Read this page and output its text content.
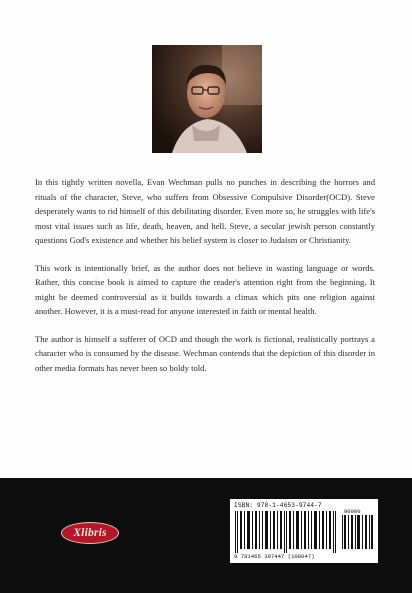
In this tightly written novella, Evan Wechman pulls no punches in describing the horrors and rituals of the character, Steve, who suffers from Obsessive Compulsive Disorder(OCD). Steve desperately wants to rid himself of this debilitating disorder. Even more so, he struggles with life's most vital issues such as life, death, heaven, and hell. Steve, a secular jewish person constantly questions God's existence and whether his belief system is closer to Judaism or Christianity.

This work is intentionally brief, as the author does not believe in wasting language or words. Rather, this concise book is aimed to capture the reader's attention right from the beginning. It might be deemed controversial as it builds towards a climax which pits one religion against another. However, it is a must-read for anyone interested in faith or mental health.

The author is himself a sufferer of OCD and though the work is fictional, realistically portrays a character who is consumed by the disease. Wechman contends that the depiction of this disorder in other media formats has never been so boldy told.

Xlibris
ISBN: 978-1-4653-9744-7
90000
9 781465 397447 (108047)
